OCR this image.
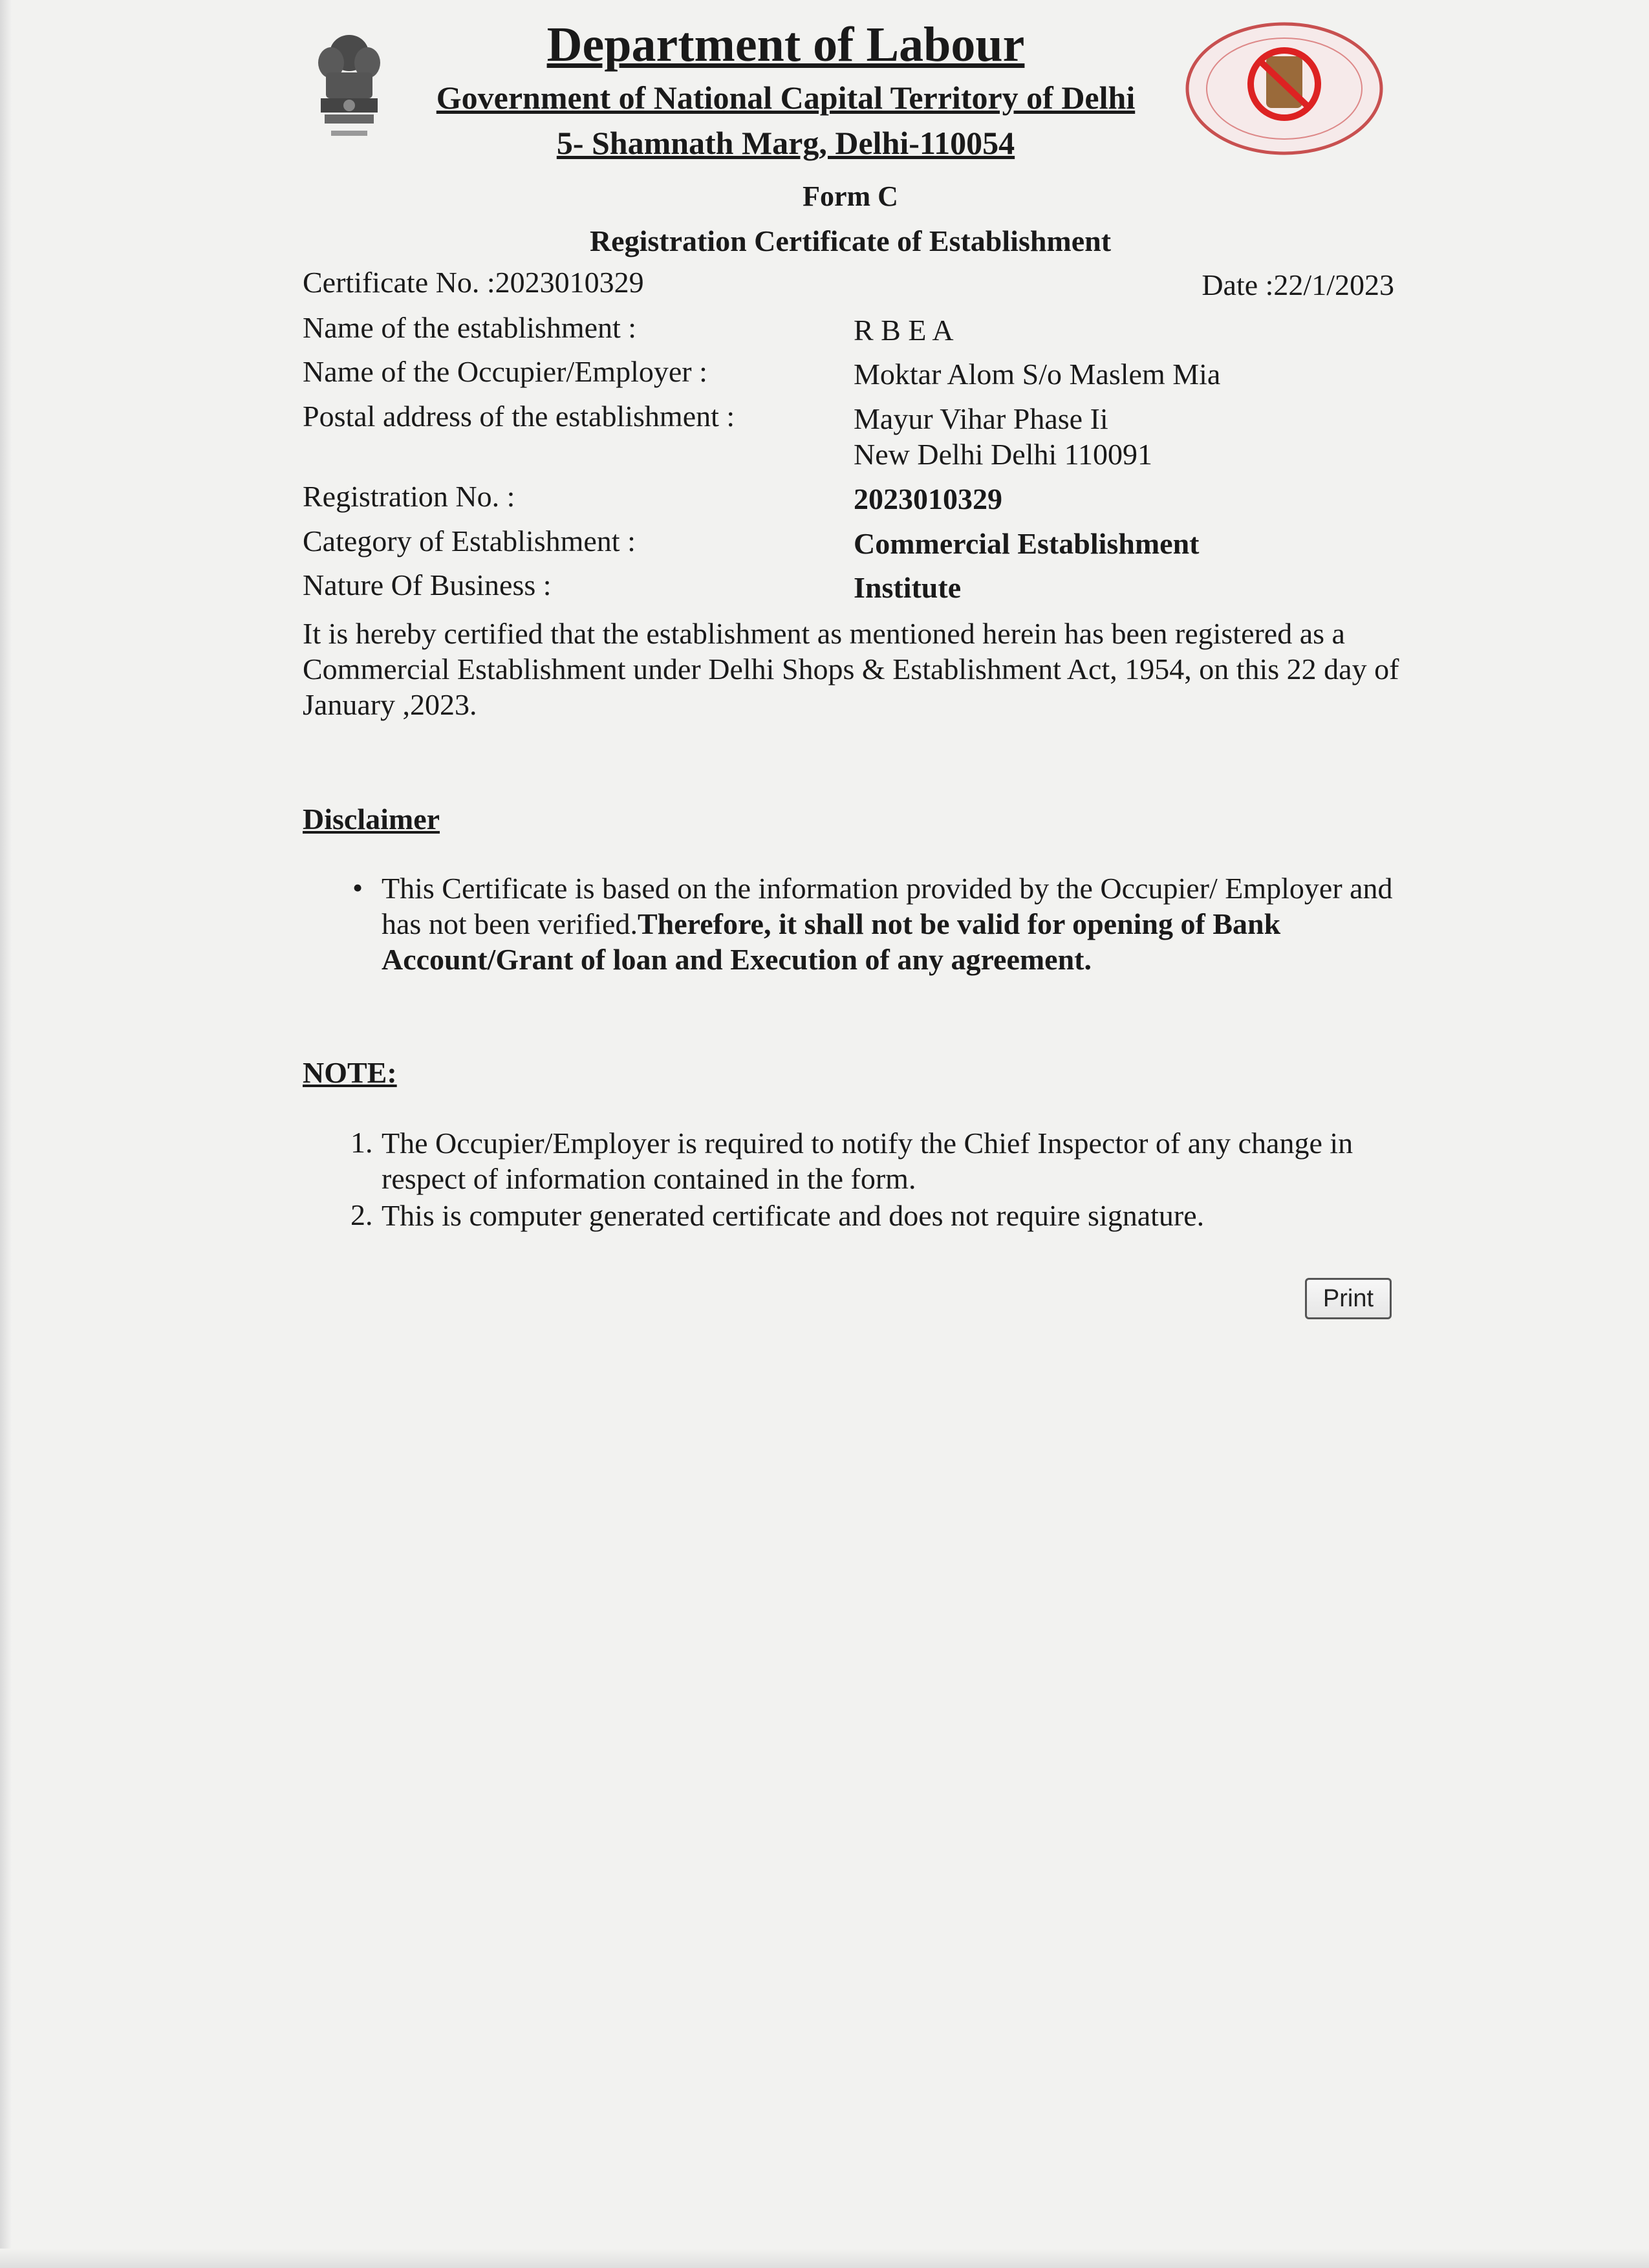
Department of Labour
Government of National Capital Territory of Delhi
5- Shamnath Marg, Delhi-110054
Form C
Registration Certificate of Establishment
Certificate No. :2023010329	Date :22/1/2023
Name of the establishment :	R B E A
Name of the Occupier/Employer :	Moktar Alom S/o Maslem Mia
Postal address of the establishment :	Mayur Vihar Phase Ii
New Delhi Delhi 110091
Registration No. :	2023010329
Category of Establishment :	Commercial Establishment
Nature Of Business :	Institute
It is hereby certified that the establishment as mentioned herein has been registered as a Commercial Establishment under Delhi Shops & Establishment Act, 1954, on this 22 day of January ,2023.
Disclaimer
• This Certificate is based on the information provided by the Occupier/ Employer and has not been verified.Therefore, it shall not be valid for opening of Bank Account/Grant of loan and Execution of any agreement.
NOTE:
1. The Occupier/Employer is required to notify the Chief Inspector of any change in respect of information contained in the form.
2. This is computer generated certificate and does not require signature.
Print
